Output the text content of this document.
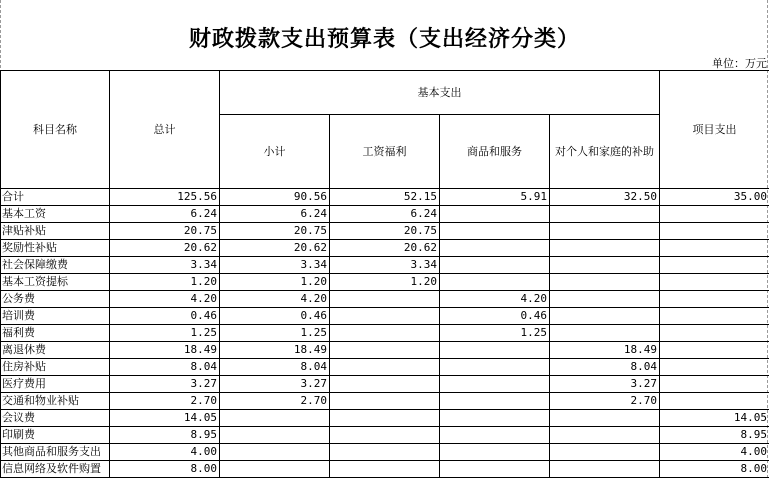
财政拨款支出预算表（支出经济分类）
单位：万元
科目名称	总计	基本支出				项目支出
		小计	工资福利	商品和服务	对个人和家庭的补助	
合计	125.56	90.56	52.15	5.91	32.50	35.00
基本工资	6.24	6.24	6.24			
津贴补贴	20.75	20.75	20.75			
奖励性补贴	20.62	20.62	20.62			
社会保障缴费	3.34	3.34	3.34			
基本工资提标	1.20	1.20	1.20			
公务费	4.20	4.20		4.20		
培训费	0.46	0.46		0.46		
福利费	1.25	1.25		1.25		
离退休费	18.49	18.49			18.49	
住房补贴	8.04	8.04			8.04	
医疗费用	3.27	3.27			3.27	
交通和物业补贴	2.70	2.70			2.70	
会议费	14.05					14.05
印刷费	8.95					8.95
其他商品和服务支出	4.00					4.00
信息网络及软件购置	8.00					8.00
